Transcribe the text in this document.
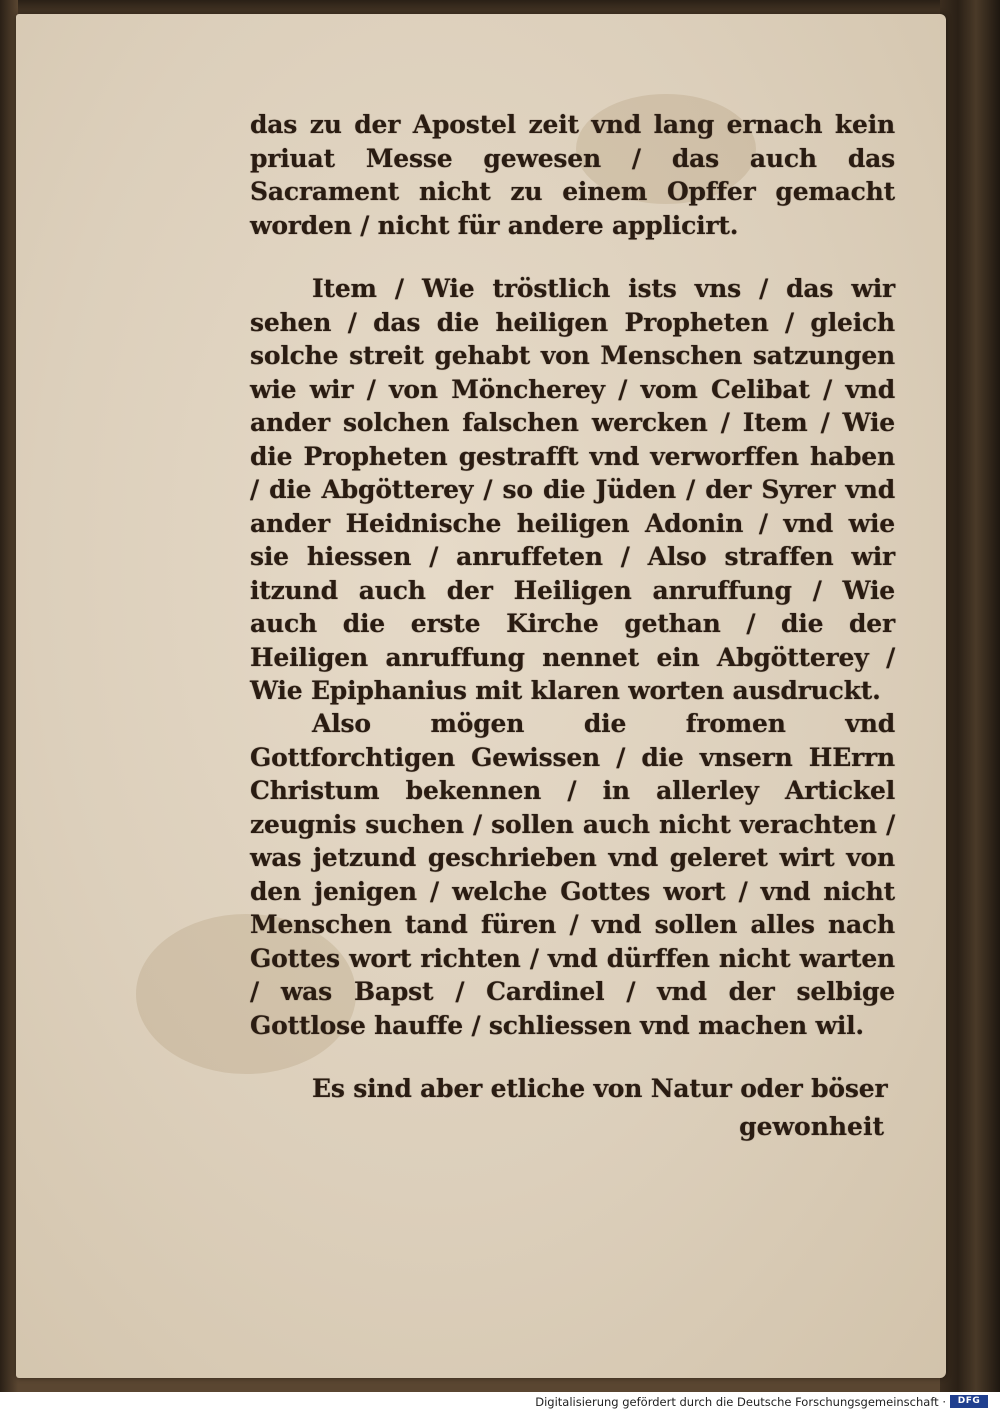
das zu der Apostel zeit vnd lang ernach kein priuat Messe gewesen / das auch das Sacrament nicht zu einem Opffer gemacht worden / nicht für andere applicirt.

Item / Wie tröstlich ists vns / das wir sehen / das die heiligen Propheten / gleich solche streit gehabt von Menschen satzungen wie wir / von Möncherey / vom Celibat / vnd ander solchen falschen wercken / Item / Wie die Propheten gestrafft vnd verworffen haben / die Abgötterey / so die Jüden / der Syrer vnd ander Heidnische heiligen Adonin / vnd wie sie hiessen / anruffeten / Also straffen wir itzund auch der Heiligen anruffung / Wie auch die erste Kirche gethan / die der Heiligen anruffung nennet ein Abgötterey / Wie Epiphanius mit klaren worten ausdruckt.

Also mögen die fromen vnd Gottforchtigen Gewissen / die vnsern HErrn Christum bekennen / in allerley Artickel zeugnis suchen / sollen auch nicht verachten / was jetzund geschrieben vnd geleret wirt von den jenigen / welche Gottes wort / vnd nicht Menschen tand füren / vnd sollen alles nach Gottes wort richten / vnd dürffen nicht warten / was Bapst / Cardinel / vnd der selbige Gottlose hauffe / schliessen vnd machen wil.

Es sind aber etliche von Natur oder böser

gewonheit
Digitalisierung gefördert durch die Deutsche Forschungsgemeinschaft ·	DFG
